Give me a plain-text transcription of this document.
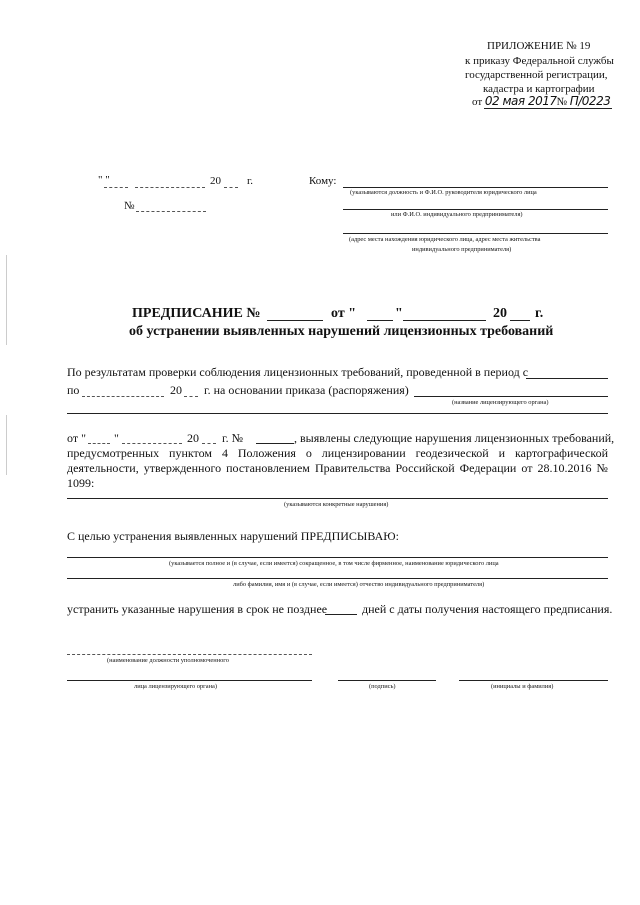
ПРИЛОЖЕНИЕ № 19
к приказу Федеральной службы
государственной регистрации,
кадастра и картографии
от 02 мая 2017№ П/0223
" "	20 г.
№
Кому:
(указываются должность и Ф.И.О. руководителя юридического лица
или Ф.И.О. индивидуального предпринимателя)
(адрес места нахождения юридического лица, адрес места жительства
индивидуального предпринимателя)
ПРЕДПИСАНИЕ №	от "	"	20 г.
об устранении выявленных нарушений лицензионных требований
По результатам проверки соблюдения лицензионных требований, проведенной в период с
по	20 г. на основании приказа (распоряжения)
(название лицензирующего органа)
от " "	20 г. №	, выявлены следующие нарушения лицензионных требований,
предусмотренных пунктом 4 Положения о лицензировании геодезической и картографической деятельности, утвержденного постановлением Правительства Российской Федерации от 28.10.2016 № 1099:
(указываются конкретные нарушения)
С целью устранения выявленных нарушений ПРЕДПИСЫВАЮ:
(указывается полное и (в случае, если имеется) сокращенное, в том числе фирменное, наименование юридического лица
либо фамилия, имя и (в случае, если имеется) отчество индивидуального предпринимателя)
устранить указанные нарушения в срок не позднее	дней с даты получения настоящего предписания.
(наименование должности уполномоченного
лица лицензирующего органа)	(подпись)	(инициалы и фамилия)
